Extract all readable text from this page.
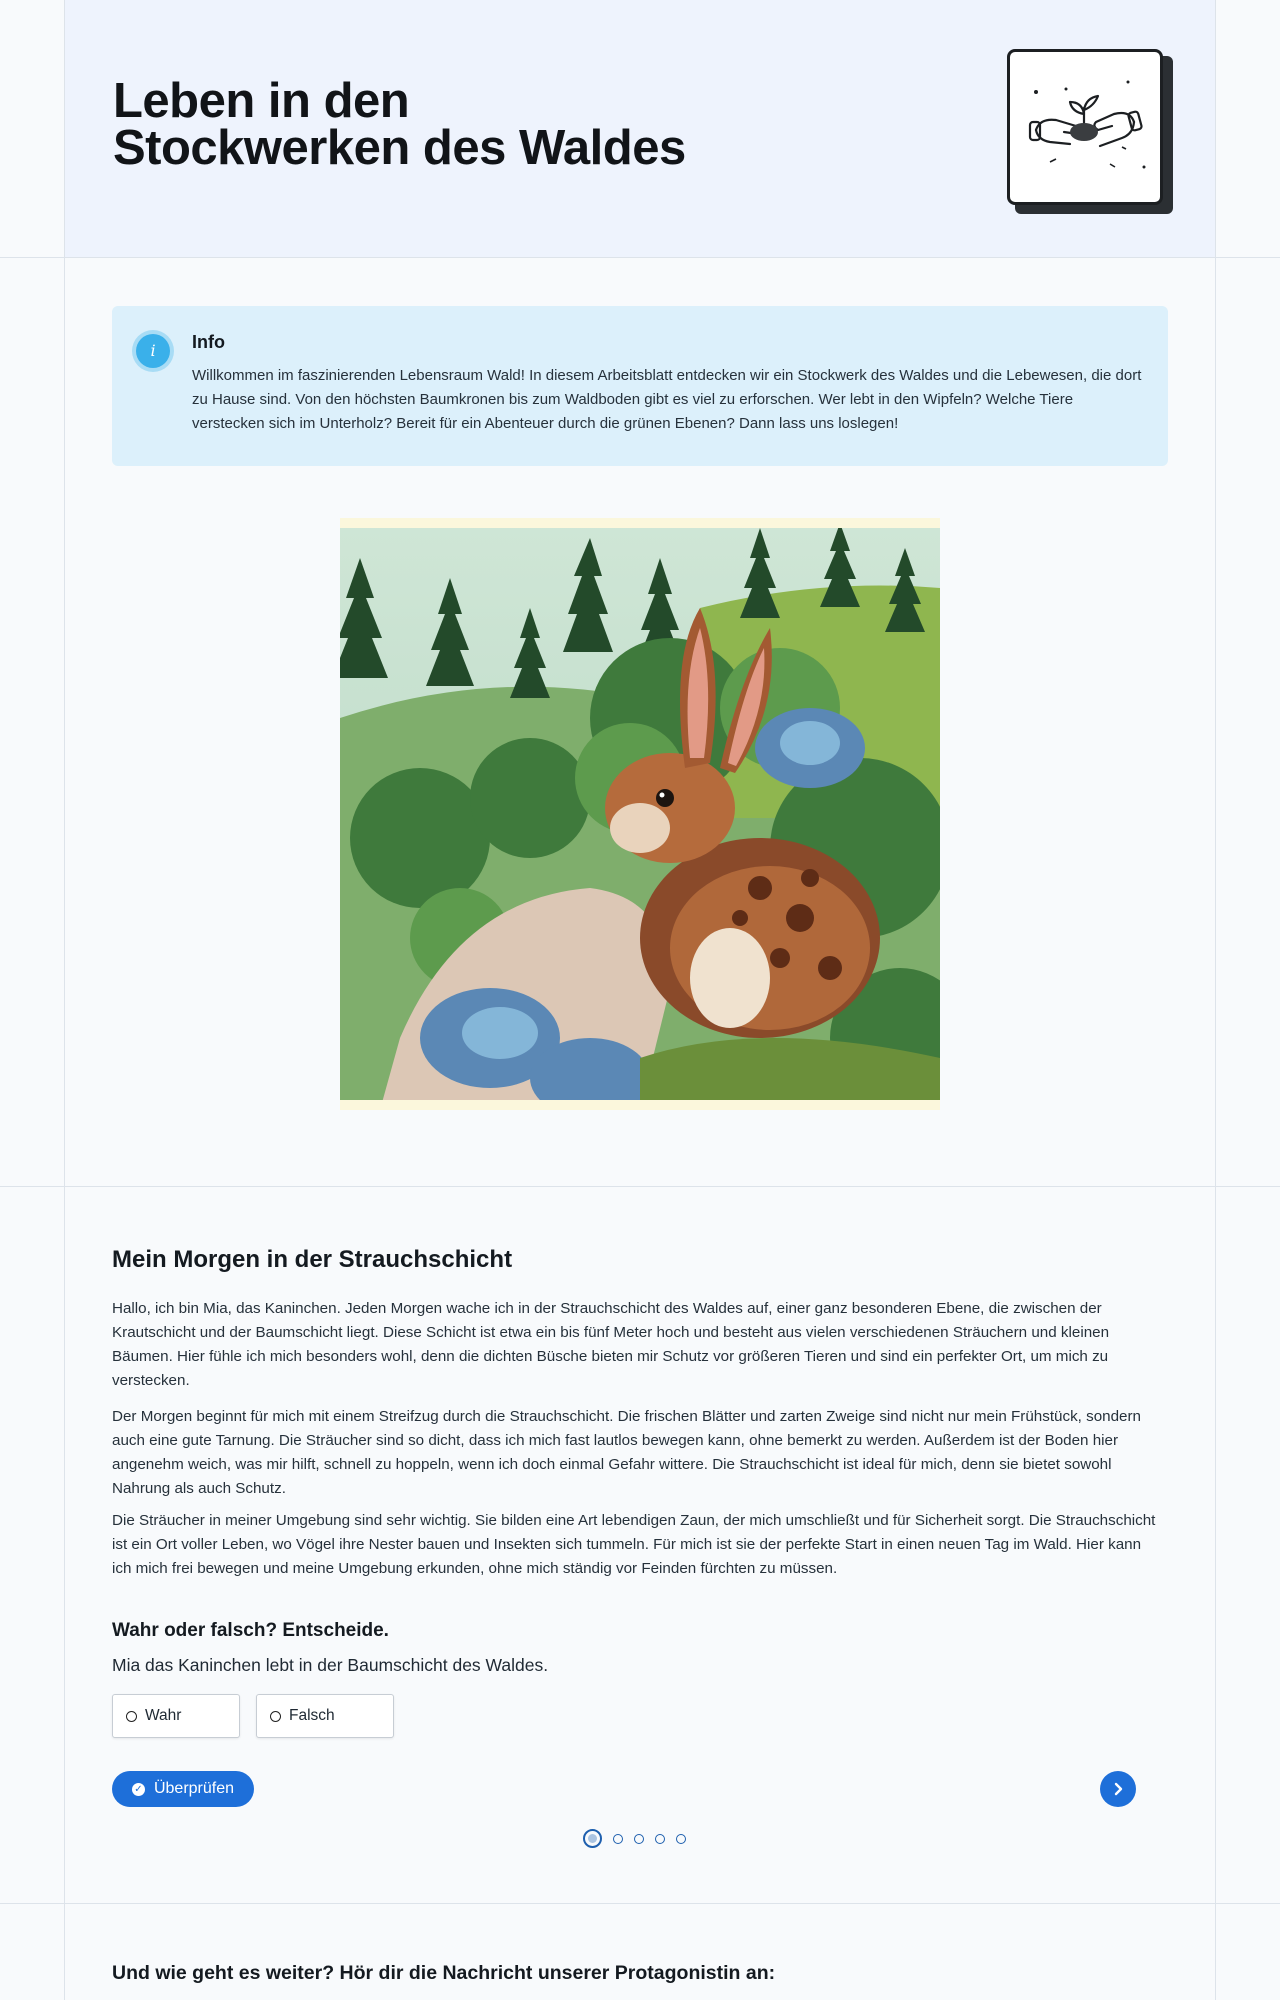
Leben in den Stockwerken des Waldes
i	Info
Willkommen im faszinierenden Lebensraum Wald! In diesem Arbeitsblatt entdecken wir ein Stockwerk des Waldes und die Lebewesen, die dort zu Hause sind. Von den höchsten Baumkronen bis zum Waldboden gibt es viel zu erforschen. Wer lebt in den Wipfeln? Welche Tiere verstecken sich im Unterholz? Bereit für ein Abenteuer durch die grünen Ebenen? Dann lass uns loslegen!
Mein Morgen in der Strauchschicht

Hallo, ich bin Mia, das Kaninchen. Jeden Morgen wache ich in der Strauchschicht des Waldes auf, einer ganz besonderen Ebene, die zwischen der Krautschicht und der Baumschicht liegt. Diese Schicht ist etwa ein bis fünf Meter hoch und besteht aus vielen verschiedenen Sträuchern und kleinen Bäumen. Hier fühle ich mich besonders wohl, denn die dichten Büsche bieten mir Schutz vor größeren Tieren und sind ein perfekter Ort, um mich zu verstecken.

Der Morgen beginnt für mich mit einem Streifzug durch die Strauchschicht. Die frischen Blätter und zarten Zweige sind nicht nur mein Frühstück, sondern auch eine gute Tarnung. Die Sträucher sind so dicht, dass ich mich fast lautlos bewegen kann, ohne bemerkt zu werden. Außerdem ist der Boden hier angenehm weich, was mir hilft, schnell zu hoppeln, wenn ich doch einmal Gefahr wittere. Die Strauchschicht ist ideal für mich, denn sie bietet sowohl Nahrung als auch Schutz.

Die Sträucher in meiner Umgebung sind sehr wichtig. Sie bilden eine Art lebendigen Zaun, der mich umschließt und für Sicherheit sorgt. Die Strauchschicht ist ein Ort voller Leben, wo Vögel ihre Nester bauen und Insekten sich tummeln. Für mich ist sie der perfekte Start in einen neuen Tag im Wald. Hier kann ich mich frei bewegen und meine Umgebung erkunden, ohne mich ständig vor Feinden fürchten zu müssen.

Wahr oder falsch? Entscheide.
Mia das Kaninchen lebt in der Baumschicht des Waldes.
Wahr	Falsch
✓ Überprüfen
Und wie geht es weiter? Hör dir die Nachricht unserer Protagonistin an:
